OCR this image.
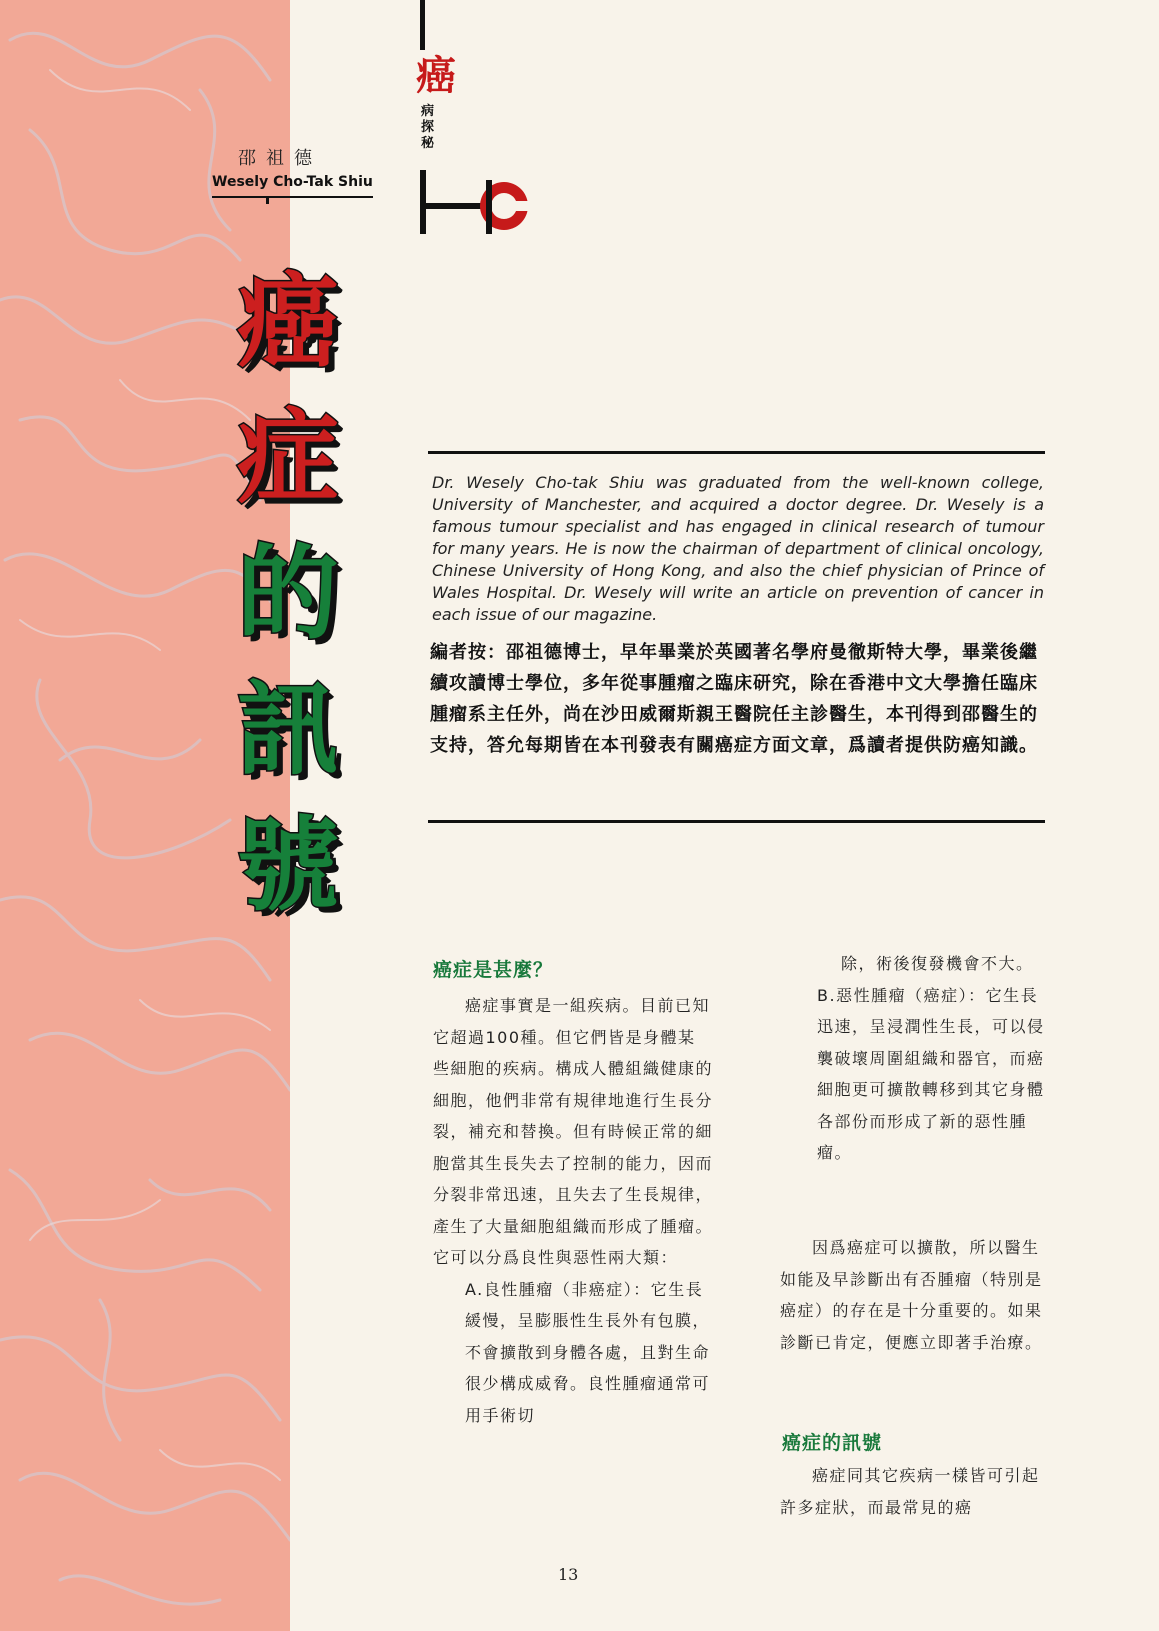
邵祖德
Wesely Cho-Tak Shiu
癌
病探秘
癌
症
的
訊
號
Dr. Wesely Cho-tak Shiu was graduated from the well-known college, University of Manchester, and acquired a doctor degree. Dr. Wesely is a famous tumour specialist and has engaged in clinical research of tumour for many years. He is now the chairman of department of clinical oncology, Chinese University of Hong Kong, and also the chief physician of Prince of Wales Hospital. Dr. Wesely will write an article on prevention of cancer in each issue of our magazine.
編者按：邵祖德博士，早年畢業於英國著名學府曼徹斯特大學，畢業後繼續攻讀博士學位，多年從事腫瘤之臨床研究，除在香港中文大學擔任臨床腫瘤系主任外，尚在沙田威爾斯親王醫院任主診醫生，本刊得到邵醫生的支持，答允每期皆在本刊發表有關癌症方面文章，爲讀者提供防癌知識。
癌症是甚麼？

癌症事實是一組疾病。目前已知它超過100種。但它們皆是身體某些細胞的疾病。構成人體組織健康的細胞，他們非常有規律地進行生長分裂，補充和替換。但有時候正常的細胞當其生長失去了控制的能力，因而分裂非常迅速，且失去了生長規律，產生了大量細胞組織而形成了腫瘤。它可以分爲良性與惡性兩大類：

A.良性腫瘤（非癌症）：它生長緩慢，呈膨脹性生長外有包膜，不會擴散到身體各處，且對生命很少構成威脅。良性腫瘤通常可用手術切

除，術後復發機會不大。

B.惡性腫瘤（癌症）：它生長迅速，呈浸潤性生長，可以侵襲破壞周圍組織和器官，而癌細胞更可擴散轉移到其它身體各部份而形成了新的惡性腫瘤。

因爲癌症可以擴散，所以醫生如能及早診斷出有否腫瘤（特別是癌症）的存在是十分重要的。如果診斷已肯定，便應立即著手治療。

癌症的訊號

癌症同其它疾病一樣皆可引起許多症狀，而最常見的癌

13
